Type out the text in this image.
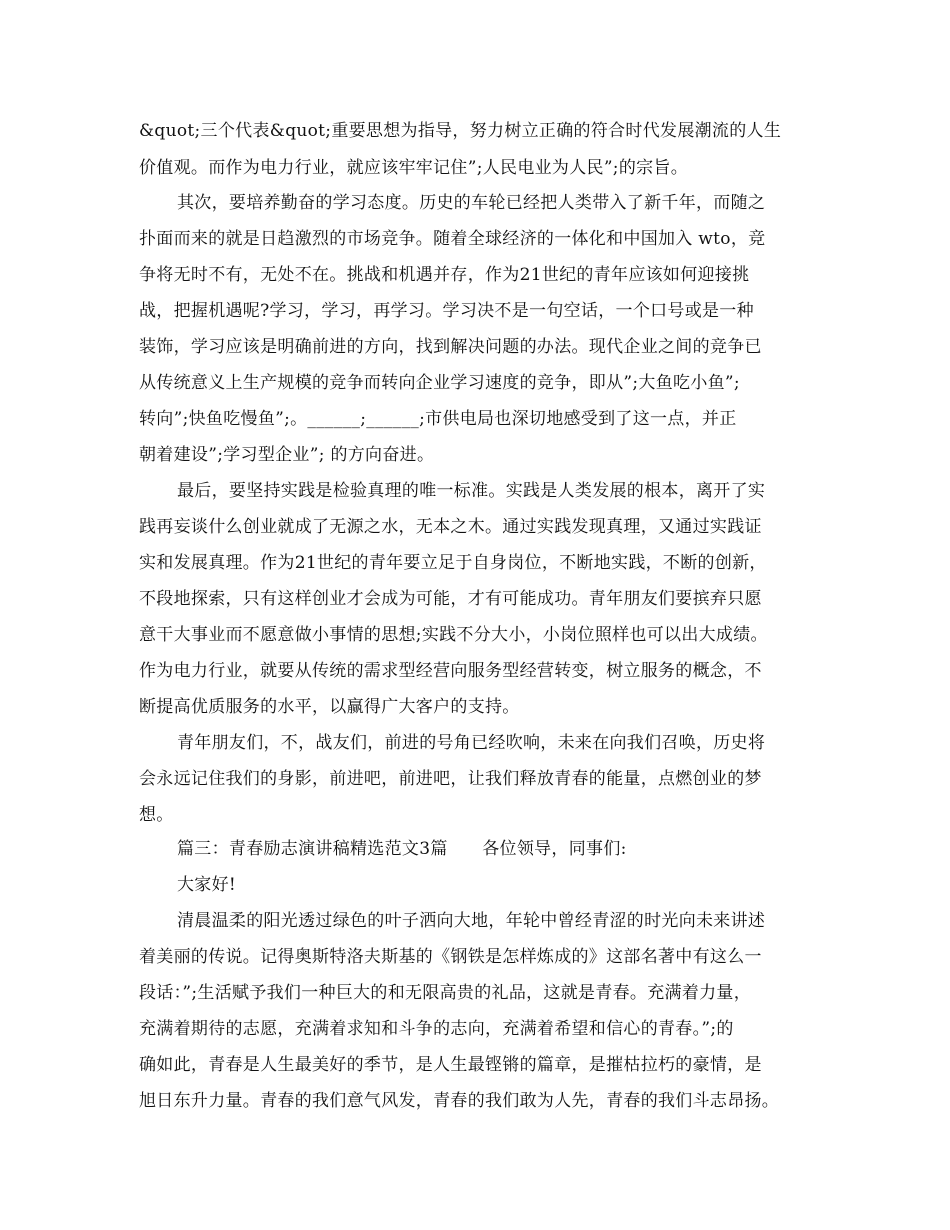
&quot;三个代表&quot;重要思想为指导，努力树立正确的符合时代发展潮流的人生
价值观。而作为电力行业，就应该牢牢记住”;人民电业为人民”;的宗旨。
其次，要培养勤奋的学习态度。历史的车轮已经把人类带入了新千年，而随之
扑面而来的就是日趋激烈的市场竞争。随着全球经济的一体化和中国加入 wto，竞
争将无时不有，无处不在。挑战和机遇并存，作为21世纪的青年应该如何迎接挑
战，把握机遇呢?学习，学习，再学习。学习决不是一句空话，一个口号或是一种
装饰，学习应该是明确前进的方向，找到解决问题的办法。现代企业之间的竞争已
从传统意义上生产规模的竞争而转向企业学习速度的竞争，即从”;大鱼吃小鱼”;
转向”;快鱼吃慢鱼”;。______;______;市供电局也深切地感受到了这一点，并正
朝着建设”;学习型企业”; 的方向奋进。
最后，要坚持实践是检验真理的唯一标准。实践是人类发展的根本，离开了实
践再妄谈什么创业就成了无源之水，无本之木。通过实践发现真理，又通过实践证
实和发展真理。作为21世纪的青年要立足于自身岗位，不断地实践，不断的创新，
不段地探索，只有这样创业才会成为可能，才有可能成功。青年朋友们要摈弃只愿
意干大事业而不愿意做小事情的思想;实践不分大小，小岗位照样也可以出大成绩。
作为电力行业，就要从传统的需求型经营向服务型经营转变，树立服务的概念，不
断提高优质服务的水平，以赢得广大客户的支持。
青年朋友们，不，战友们，前进的号角已经吹响，未来在向我们召唤，历史将
会永远记住我们的身影，前进吧，前进吧，让我们释放青春的能量，点燃创业的梦
想。
篇三：青春励志演讲稿精选范文3篇　　各位领导，同事们:
大家好!
清晨温柔的阳光透过绿色的叶子洒向大地，年轮中曾经青涩的时光向未来讲述
着美丽的传说。记得奥斯特洛夫斯基的《钢铁是怎样炼成的》这部名著中有这么一
段话：”;生活赋予我们一种巨大的和无限高贵的礼品，这就是青春。充满着力量，
充满着期待的志愿，充满着求知和斗争的志向，充满着希望和信心的青春。”;的
确如此，青春是人生最美好的季节，是人生最铿锵的篇章，是摧枯拉朽的豪情，是
旭日东升力量。青春的我们意气风发，青春的我们敢为人先，青春的我们斗志昂扬。
